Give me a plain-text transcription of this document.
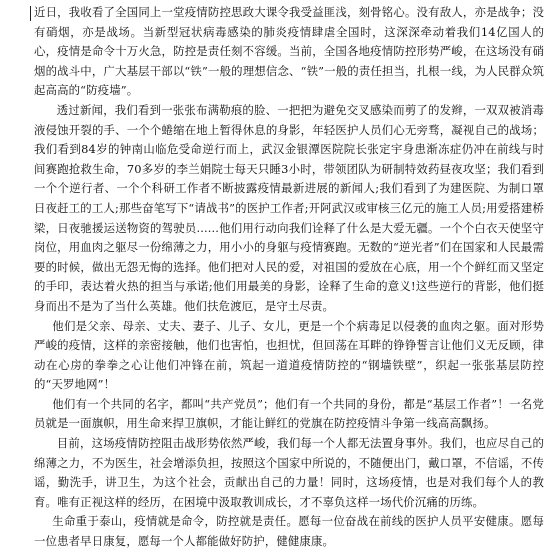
近日，我收看了全国同上一堂疫情防控思政大课令我受益匪浅，刻骨铭心。没有敌人，亦是战争；没有硝烟，亦是战场。当新型冠状病毒感染的肺炎疫情肆虐全国时，这深深牵动着我们14亿国人的心，疫情是命令十万火急，防控是责任刻不容缓。当前，全国各地疫情防控形势严峻，在这场没有硝烟的战斗中，广大基层干部以“铁”一般的理想信念、“铁”一般的责任担当，扎根一线，为人民群众筑起高高的“防疫墙”。

透过新闻，我们看到一张张布满勒痕的脸、一把把为避免交叉感染而剪了的发辫，一双双被消毒液侵蚀开裂的手、一个个蜷缩在地上暂得休息的身影，年轻医护人员们心无旁骛，凝视自己的战场；我们看到84岁的钟南山临危受命逆行而上，武汉金银潭医院院长张定宇身患渐冻症仍冲在前线与时间赛跑抢救生命，70多岁的李兰娟院士每天只睡3小时，带领团队为研制特效药昼夜攻坚；我们看到一个个逆行者、一个个科研工作者不断披露疫情最新进展的新闻人;我们看到了为建医院、为制口罩日夜赶工的工人;那些奋笔写下“请战书”的医护工作者;开阿武汉或审核三亿元的施工人员;用爱搭建桥梁，日夜驰援运送物资的驾驶员......他们用行动向我们诠释了什么是大爱无疆。一个个白衣天使坚守岗位，用血肉之躯尽一份绵薄之力，用小小的身躯与疫情赛跑。无数的“逆光者”们在国家和人民最需要的时候，做出无怨无悔的选择。他们把对人民的爱，对祖国的爱放在心底，用一个个鲜红而又坚定的手印，表达着火热的担当与承诺;他们用最美的身影，诠释了生命的意义!这些逆行的背影，他们挺身而出不是为了当什么英雄。他们扶危渡厄，是守土尽责。

他们是父亲、母亲、丈夫、妻子、儿子、女儿，更是一个个病毒足以侵袭的血肉之躯。面对形势严峻的疫情，这样的亲密接触，他们也害怕，也担忧，但回荡在耳畔的铮铮誓言让他们义无反顾，律动在心房的拳拳之心让他们冲锋在前，筑起一道道疫情防控的“钢墙铁壁”，织起一张张基层防控的“天罗地网”！

他们有一个共同的名字，都叫“共产党员”；他们有一个共同的身份，都是“基层工作者”！一名党员就是一面旗帜，用生命来捍卫旗帜，才能让鲜红的党旗在防控疫情斗争第一线高高飘扬。

目前，这场疫情防控阻击战形势依然严峻，我们每一个人都无法置身事外。我们，也应尽自己的绵薄之力，不为医生，社会增添负担，按照这个国家中所说的，不随便出门，戴口罩，不信谣，不传谣，勤洗手，讲卫生，为这个社会，贡献出自己的力量！同时，这场疫情，也是对我们每个人的教育。唯有正视这样的经历，在困境中汲取教训成长，才不辜负这样一场代价沉痛的历练。

生命重于泰山，疫情就是命令，防控就是责任。愿每一位奋战在前线的医护人员平安健康。愿每一位患者早日康复，愿每一个人都能做好防护，健健康康。
